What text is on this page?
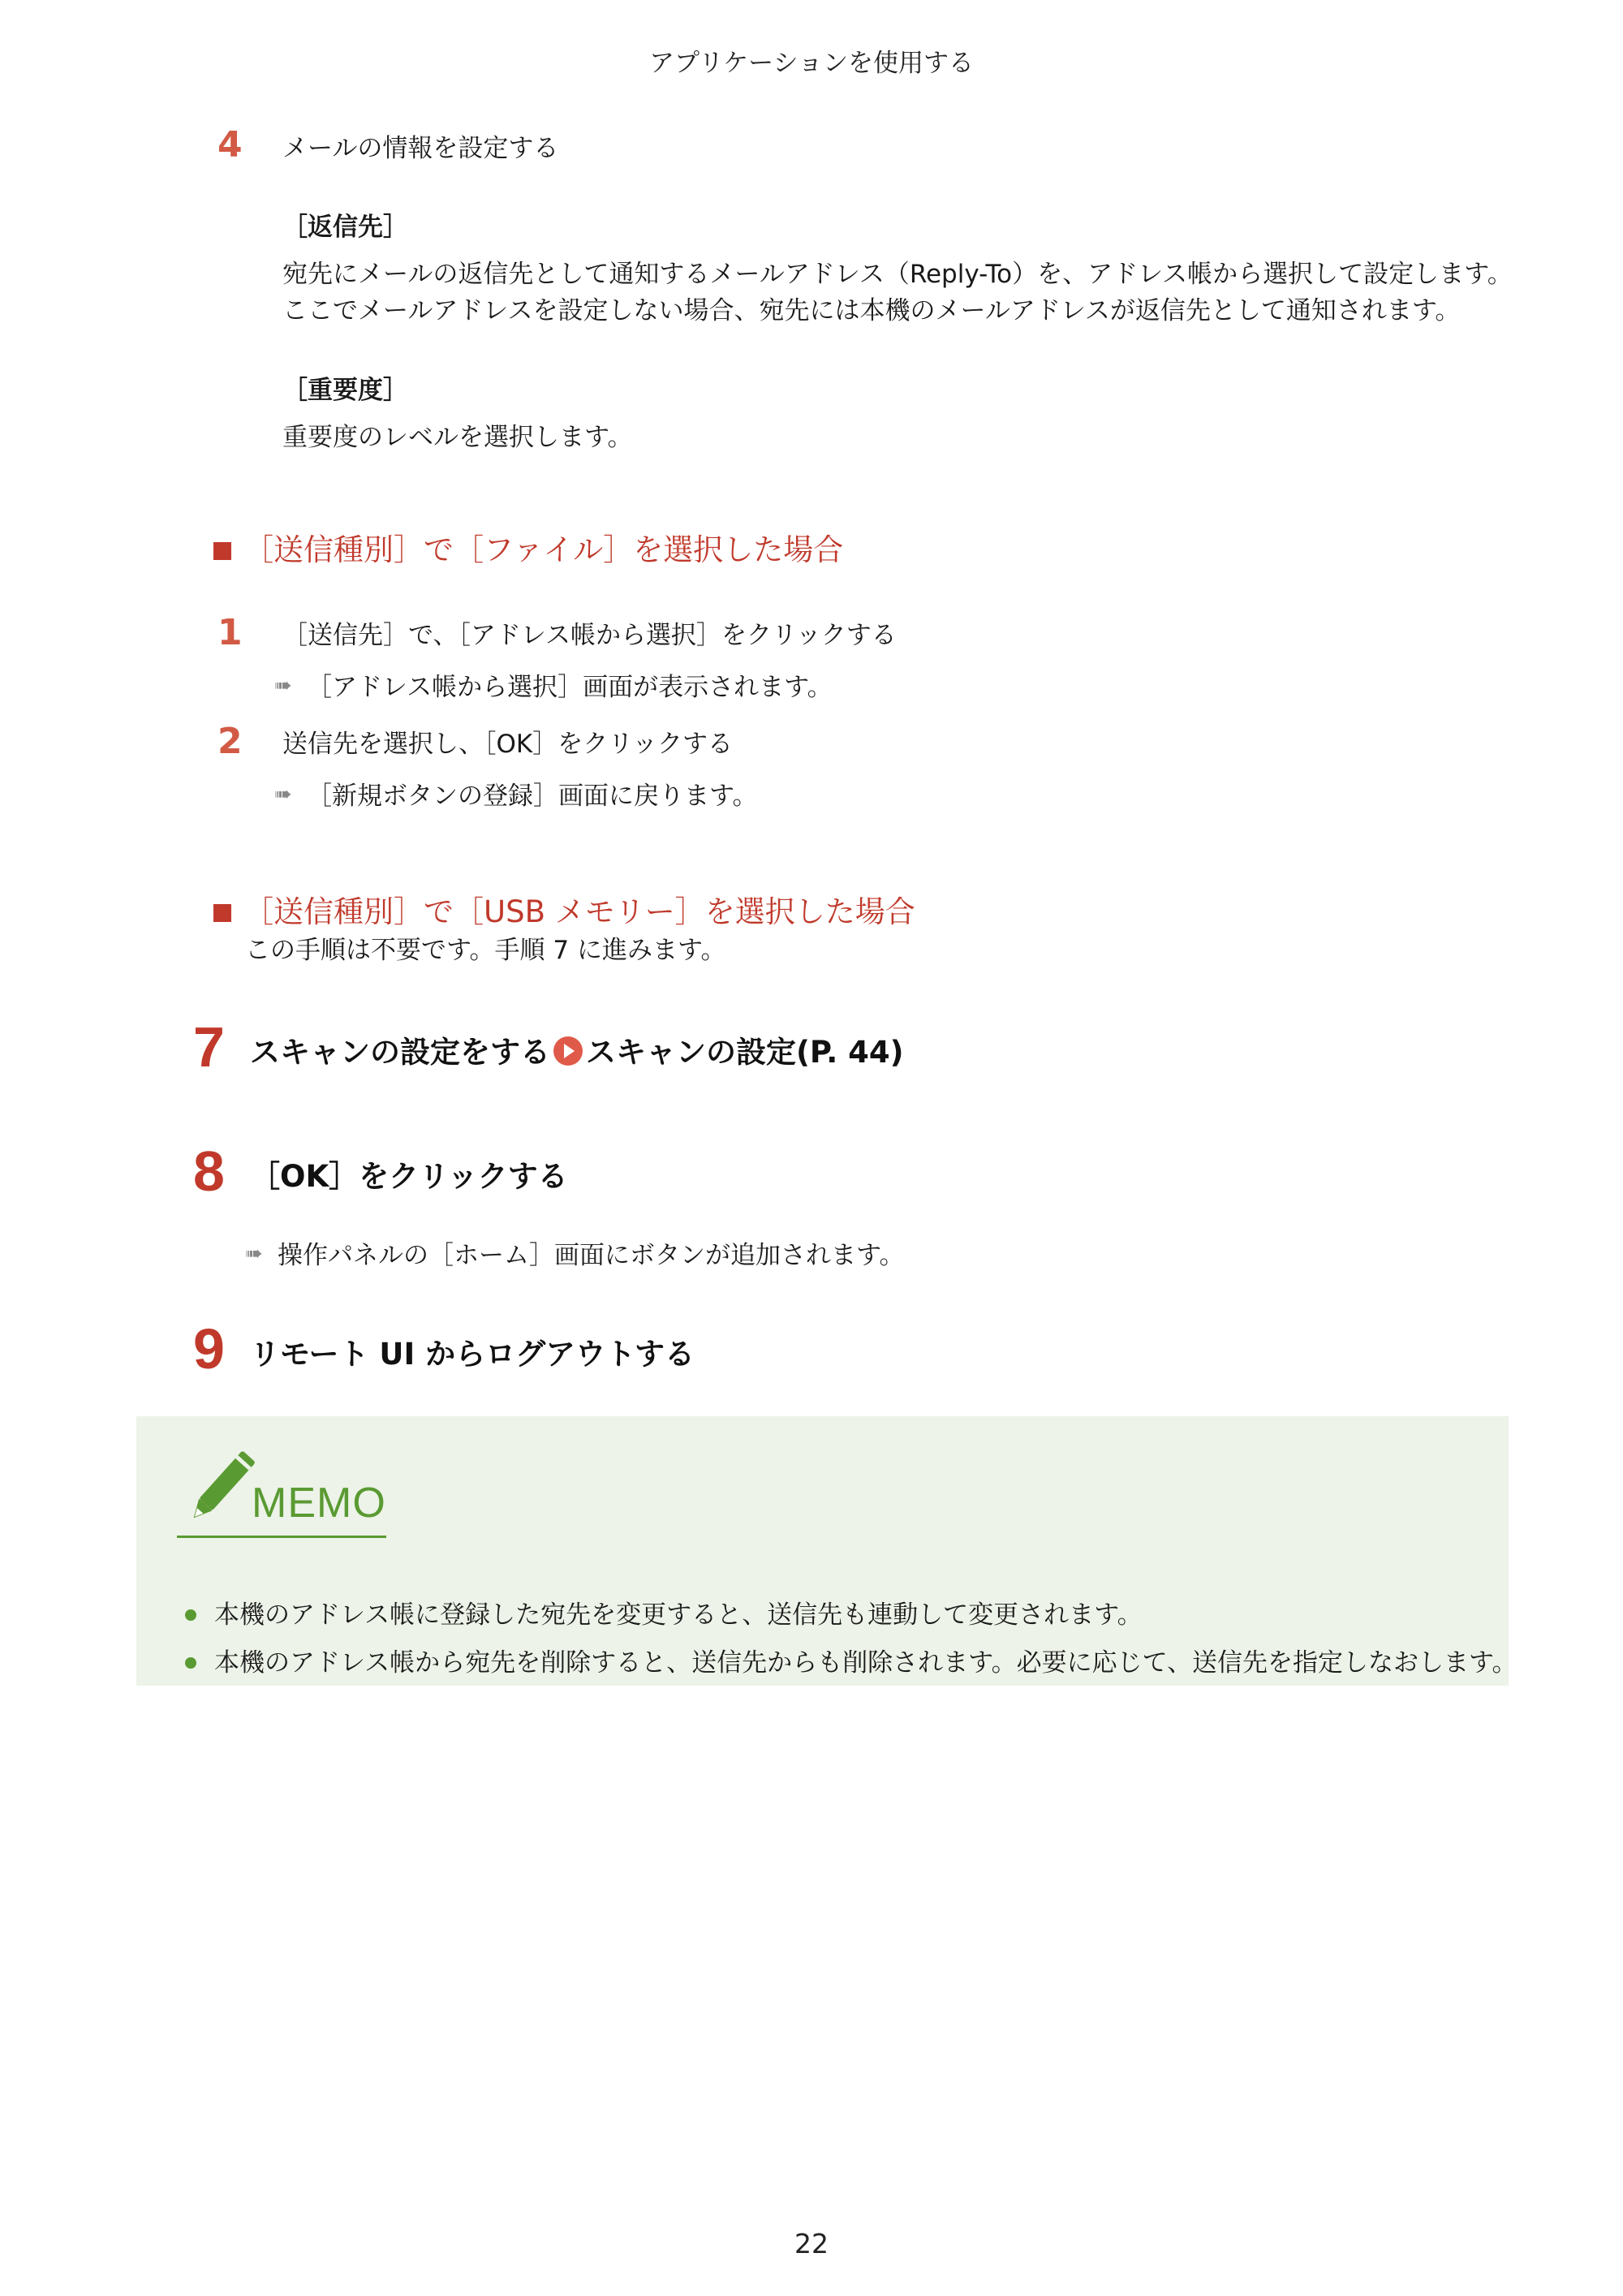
アプリケーションを使用する
4 メールの情報を設定する
［返信先］
宛先にメールの返信先として通知するメールアドレス（Reply-To）を、アドレス帳から選択して設定します。
ここでメールアドレスを設定しない場合、宛先には本機のメールアドレスが返信先として通知されます。
［重要度］
重要度のレベルを選択します。
［送信種別］で［ファイル］を選択した場合
1 ［送信先］で、［アドレス帳から選択］をクリックする
➠ ［アドレス帳から選択］画面が表示されます。
2 送信先を選択し、［OK］をクリックする
➠ ［新規ボタンの登録］画面に戻ります。
［送信種別］で［USB メモリー］を選択した場合
この手順は不要です。手順 7 に進みます。
7 スキャンの設定をする スキャンの設定(P. 44)
8 ［OK］をクリックする
➠ 操作パネルの［ホーム］画面にボタンが追加されます。
9 リモート UI からログアウトする
MEMO
本機のアドレス帳に登録した宛先を変更すると、送信先も連動して変更されます。
本機のアドレス帳から宛先を削除すると、送信先からも削除されます。必要に応じて、送信先を指定しなおします。
22
